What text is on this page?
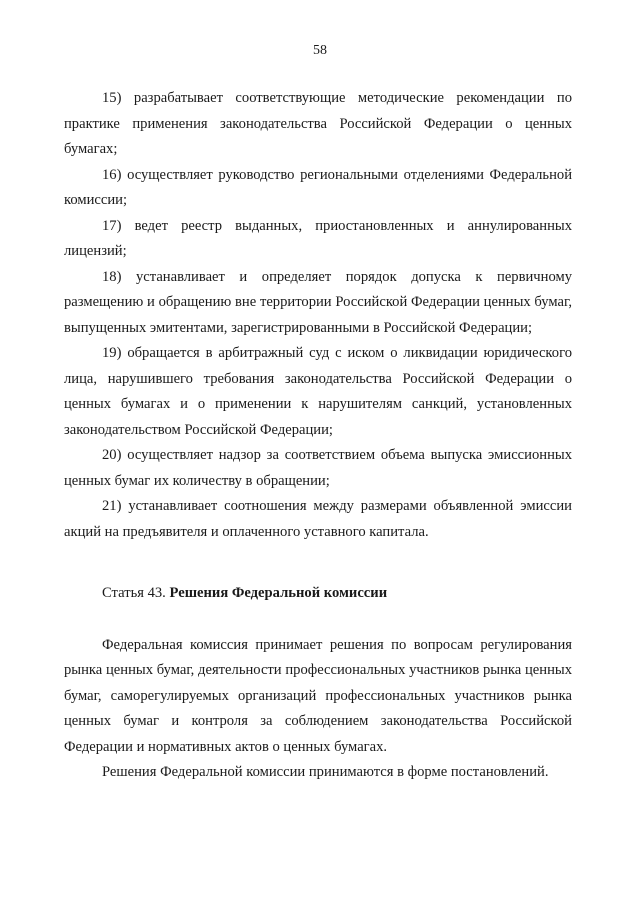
58

15) разрабатывает соответствующие методические рекомендации по практике применения законодательства Российской Федерации о ценных бумагах;

16) осуществляет руководство региональными отделениями Федеральной комиссии;

17) ведет реестр выданных, приостановленных и аннулированных лицензий;

18) устанавливает и определяет порядок допуска к первичному размещению и обращению вне территории Российской Федерации ценных бумаг, выпущенных эмитентами, зарегистрированными в Российской Федерации;

19) обращается в арбитражный суд с иском о ликвидации юридического лица, нарушившего требования законодательства Российской Федерации о ценных бумагах и о применении к нарушителям санкций, установленных законодательством Российской Федерации;

20) осуществляет надзор за соответствием объема выпуска эмиссионных ценных бумаг их количеству в обращении;

21) устанавливает соотношения между размерами объявленной эмиссии акций на предъявителя и оплаченного уставного капитала.

Статья 43. Решения Федеральной комиссии

Федеральная комиссия принимает решения по вопросам регулирования рынка ценных бумаг, деятельности профессиональных участников рынка ценных бумаг, саморегулируемых организаций профессиональных участников рынка ценных бумаг и контроля за соблюдением законодательства Российской Федерации и нормативных актов о ценных бумагах.

Решения Федеральной комиссии принимаются в форме постановлений.
